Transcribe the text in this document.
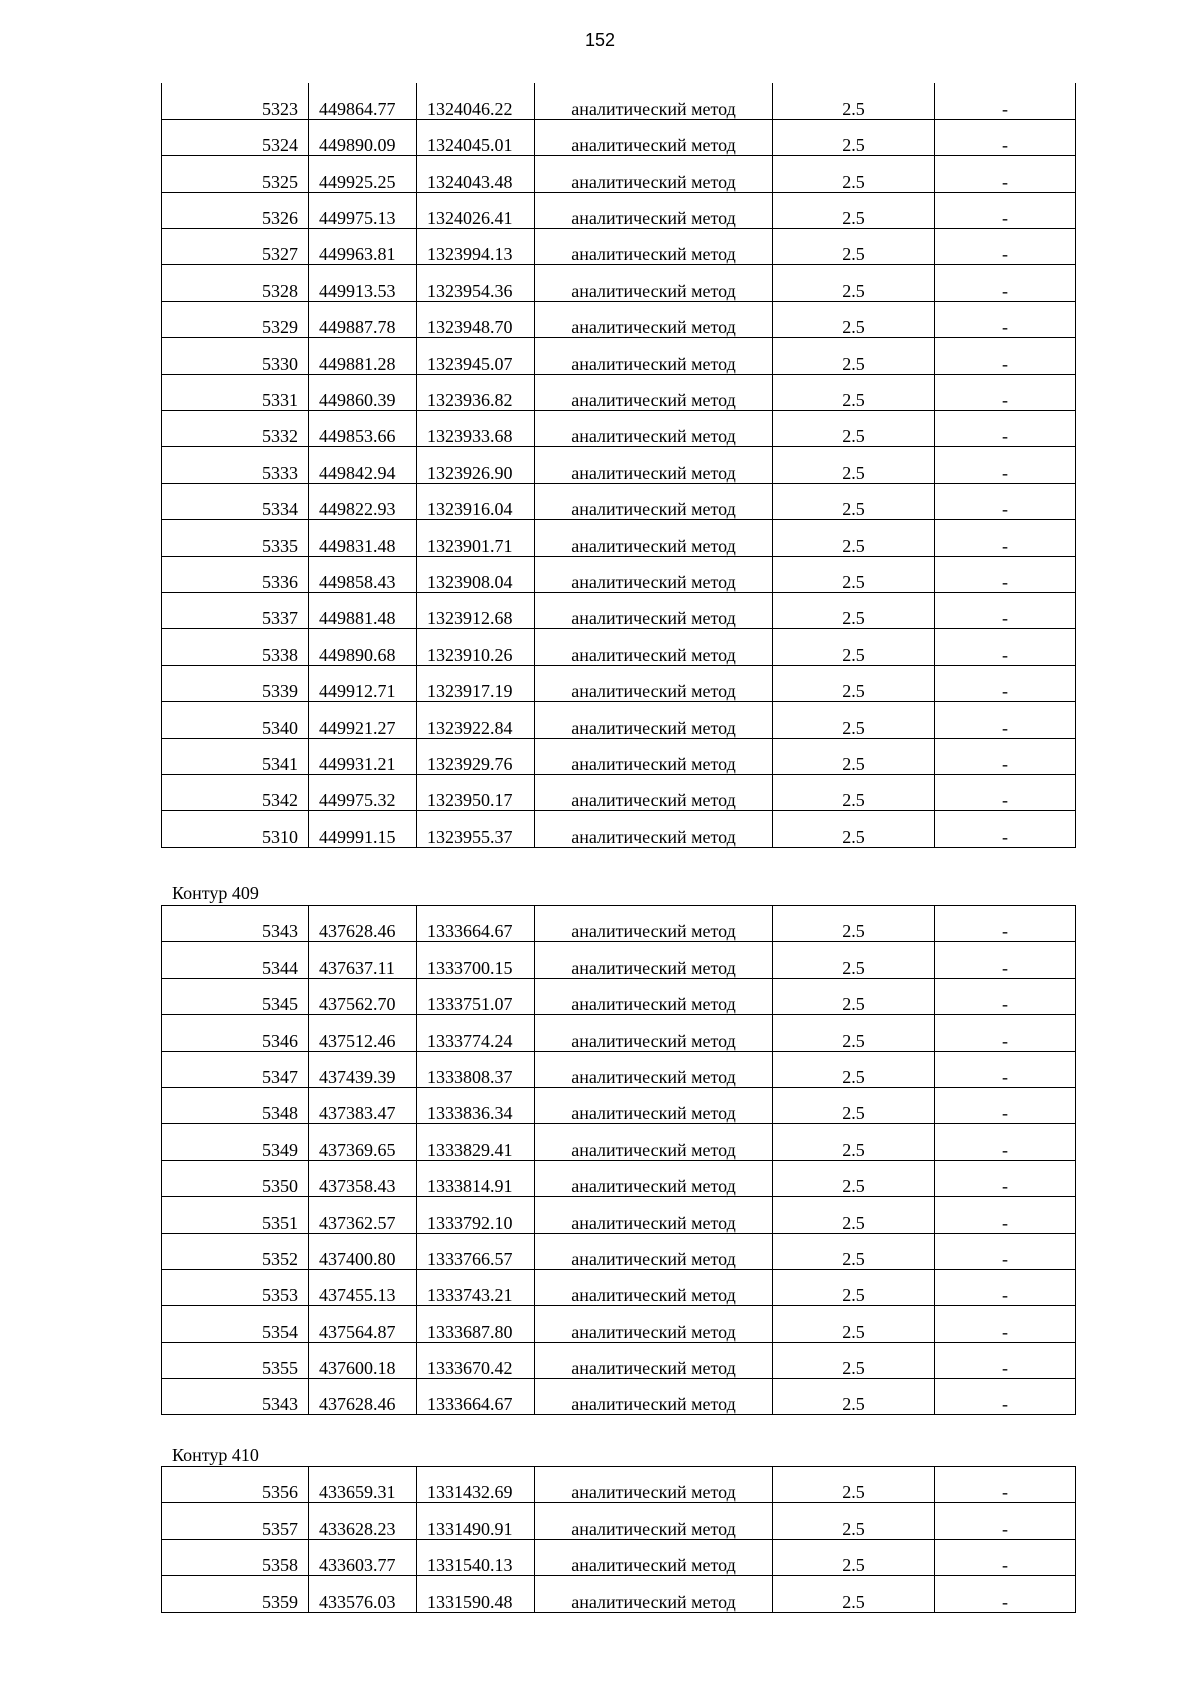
152
5323	449864.77	1324046.22	аналитический метод	2.5	-
5324	449890.09	1324045.01	аналитический метод	2.5	-
5325	449925.25	1324043.48	аналитический метод	2.5	-
5326	449975.13	1324026.41	аналитический метод	2.5	-
5327	449963.81	1323994.13	аналитический метод	2.5	-
5328	449913.53	1323954.36	аналитический метод	2.5	-
5329	449887.78	1323948.70	аналитический метод	2.5	-
5330	449881.28	1323945.07	аналитический метод	2.5	-
5331	449860.39	1323936.82	аналитический метод	2.5	-
5332	449853.66	1323933.68	аналитический метод	2.5	-
5333	449842.94	1323926.90	аналитический метод	2.5	-
5334	449822.93	1323916.04	аналитический метод	2.5	-
5335	449831.48	1323901.71	аналитический метод	2.5	-
5336	449858.43	1323908.04	аналитический метод	2.5	-
5337	449881.48	1323912.68	аналитический метод	2.5	-
5338	449890.68	1323910.26	аналитический метод	2.5	-
5339	449912.71	1323917.19	аналитический метод	2.5	-
5340	449921.27	1323922.84	аналитический метод	2.5	-
5341	449931.21	1323929.76	аналитический метод	2.5	-
5342	449975.32	1323950.17	аналитический метод	2.5	-
5310	449991.15	1323955.37	аналитический метод	2.5	-
Контур 409
5343	437628.46	1333664.67	аналитический метод	2.5	-
5344	437637.11	1333700.15	аналитический метод	2.5	-
5345	437562.70	1333751.07	аналитический метод	2.5	-
5346	437512.46	1333774.24	аналитический метод	2.5	-
5347	437439.39	1333808.37	аналитический метод	2.5	-
5348	437383.47	1333836.34	аналитический метод	2.5	-
5349	437369.65	1333829.41	аналитический метод	2.5	-
5350	437358.43	1333814.91	аналитический метод	2.5	-
5351	437362.57	1333792.10	аналитический метод	2.5	-
5352	437400.80	1333766.57	аналитический метод	2.5	-
5353	437455.13	1333743.21	аналитический метод	2.5	-
5354	437564.87	1333687.80	аналитический метод	2.5	-
5355	437600.18	1333670.42	аналитический метод	2.5	-
5343	437628.46	1333664.67	аналитический метод	2.5	-
Контур 410
5356	433659.31	1331432.69	аналитический метод	2.5	-
5357	433628.23	1331490.91	аналитический метод	2.5	-
5358	433603.77	1331540.13	аналитический метод	2.5	-
5359	433576.03	1331590.48	аналитический метод	2.5	-
